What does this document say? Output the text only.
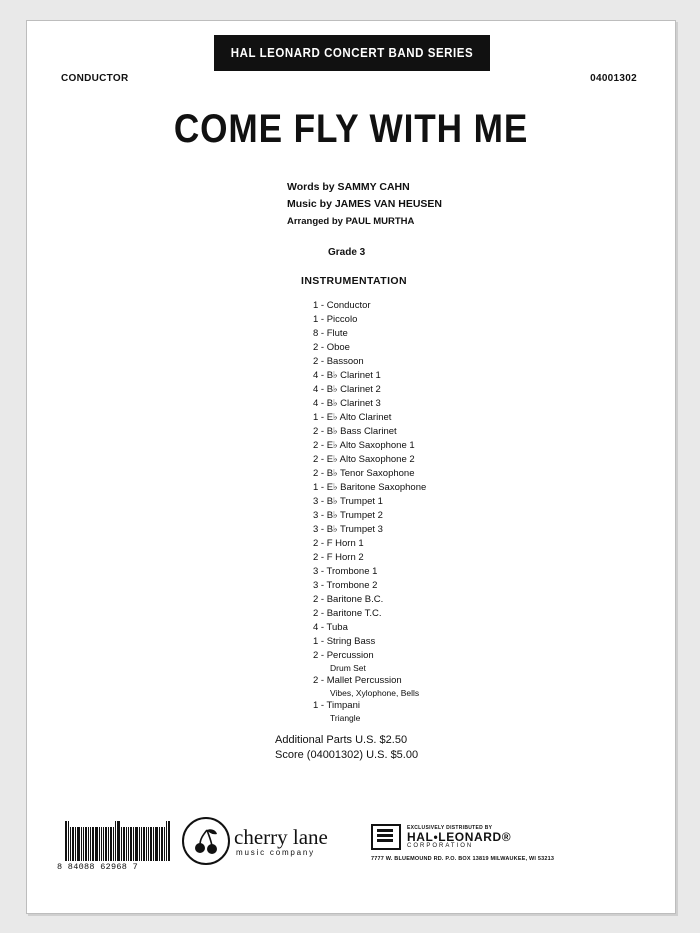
HAL LEONARD CONCERT BAND SERIES
CONDUCTOR	04001302
COME FLY WITH ME
Words by SAMMY CAHN
Music by JAMES VAN HEUSEN
Arranged by PAUL MURTHA
Grade 3
INSTRUMENTATION
1 - Conductor
1 - Piccolo
8 - Flute
2 - Oboe
2 - Bassoon
4 - B♭ Clarinet 1
4 - B♭ Clarinet 2
4 - B♭ Clarinet 3
1 - E♭ Alto Clarinet
2 - B♭ Bass Clarinet
2 - E♭ Alto Saxophone 1
2 - E♭ Alto Saxophone 2
2 - B♭ Tenor Saxophone
1 - E♭ Baritone Saxophone
3 - B♭ Trumpet 1
3 - B♭ Trumpet 2
3 - B♭ Trumpet 3
2 - F Horn 1
2 - F Horn 2
3 - Trombone 1
3 - Trombone 2
2 - Baritone B.C.
2 - Baritone T.C.
4 - Tuba
1 - String Bass
2 - Percussion
Drum Set
2 - Mallet Percussion
Vibes, Xylophone, Bells
1 - Timpani
Triangle
Additional Parts U.S. $2.50
Score (04001302) U.S. $5.00
8 84088 62968 7
cherry lane
music company
EXCLUSIVELY DISTRIBUTED BY
HAL•LEONARD®
CORPORATION
7777 W. BLUEMOUND RD. P.O. BOX 13819 MILWAUKEE, WI 53213
